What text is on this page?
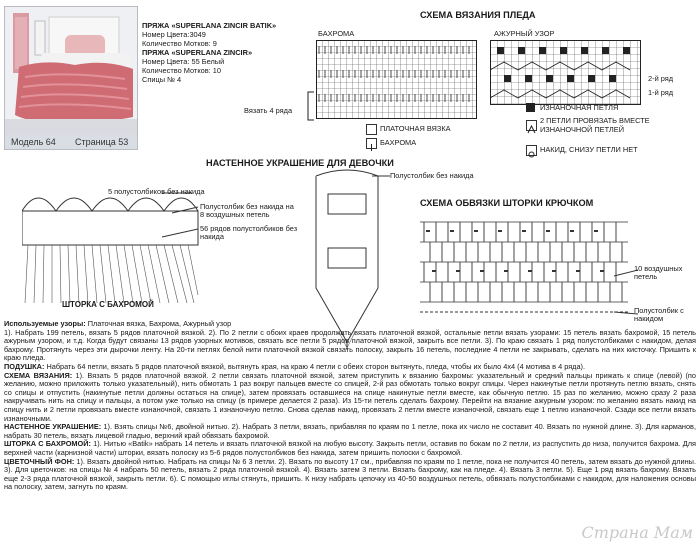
Модель 64 Страница 53
ПРЯЖА «SUPERLANA ZINCIR BATIK»
Номер Цвета:3049
Количество Мотков: 9
ПРЯЖА «SUPERLANA ZINCIR»
Номер Цвета: 55 Белый
Количество Мотков: 10
Спицы № 4
СХЕМА ВЯЗАНИЯ ПЛЕДА
БАХРОМА	АЖУРНЫЙ УЗОР
Вязать 4 ряда
2-й ряд
1-й ряд
ПЛАТОЧНАЯ ВЯЗКА
БАХРОМА
ИЗНАНОЧНАЯ ПЕТЛЯ
2 ПЕТЛИ ПРОВЯЗАТЬ ВМЕСТЕ
ИЗНАНОЧНОЙ ПЕТЛЕЙ
НАКИД, СНИЗУ ПЕТЛИ НЕТ
НАСТЕННОЕ УКРАШЕНИЕ ДЛЯ ДЕВОЧКИ
Полустолбик без накида
5 полустолбиков без накида
Полустолбик без накида на
8 воздушных петель
56 рядов полустолбиков без
накида
ШТОРКА С БАХРОМОЙ
СХЕМА ОБВЯЗКИ ШТОРКИ КРЮЧКОМ
10 воздушных
петель
Полустолбик с
накидом

Используемые узоры: Платочная вязка, Бахрома, Ажурный узор

1). Набрать 199 петель, вязать 5 рядов платочной вязкой. 2). По 2 петли с обоих краев продолжать вязать платочной вязкой, остальные петли вязать узорами: 15 петель вязать бахромой, 15 петель ажурным узором, и т.д. Когда будут связаны 13 рядов узорных мотивов, связать все петли 5 рядов платочной вязкой, закрыть все петли. 3). По краю связать 1 ряд полустолбиками с накидом, делая бахрому. Протянуть через эти дырочки ленту. На 20-ти петлях белой нити платочной вязкой связать полоску, закрыть 16 петель, последние 4 петли не закрывать, сделать на них кисточку. Пришить к краю пледа.

ПОДУШКА: Набрать 64 петли, вязать 5 рядов платочной вязкой, вытянуть края, на краю 4 петли с обеих сторон вытянуть, пледа, чтобы их было 4х4 (4 мотива в 4 ряда).

СХЕМА ВЯЗАНИЯ: 1). Вязать 5 рядов платочной вязкой. 2 петли связать платочной вязкой, затем приступить к вязанию бахромы: указательный и средний пальцы прижать к спице (левой) (по желанию, можно приложить только указательный), нить обмотать 1 раз вокруг пальцев вместе со спицей, 2-й раз обмотать только вокруг спицы. Через накинутые петли протянуть петлю вязать, снять со спицы и отпустить (накинутые петли должны остаться на спице), затем провязать оставшиеся на спице накинутые петли вместе, как обычную петлю. 15 раз по желанию, можно сразу 2 раза накручивать нить на спицу и пальцы, а потом уже только на спицу (в примере делается 2 раза). Из 15-ти петель сделать бахрому. Перейти на вязание ажурным узором: по желанию вязать накид на спицу нить и 2 петли провязать вместе изнаночной, связать 1 изнаночную петлю. Снова сделав накид, провязать 2 петли вместе изнаночной, связать еще 1 петлю изнаночной. Сзади все петли вязать изнаночными.

НАСТЕННОЕ УКРАШЕНИЕ: 1). Взять спицы №6, двойной нитью. 2). Набрать 3 петли, вязать, прибавляя по краям по 1 петле, пока их число не составит 40. Вязать по нужной длине. 3). Для карманов, набрать 30 петель, вязать лицевой гладью, верхний край обвязать бахромой.

ШТОРКА С БАХРОМОЙ: 1). Нитью «Batik» набрать 14 петель и вязать платочной вязкой на любую высоту. Закрыть петли, оставив по бокам по 2 петли, из распустить до низа, получится бахрома. Для верхней части (карнизной части) шторки, вязать полоску из 5-6 рядов полустолбиков без накида, затем пришить полоски с бахромой.

ЦВЕТОЧНЫЙ ФОН: 1). Вязать двойной нитью. Набрать на спицы № 6 3 петли. 2). Вязать по высоту 17 см., прибавляя по краям по 1 петле, пока не получится 40 петель, затем вязать до нужной длины. 3). Для цветочков: на спицы № 4 набрать 50 петель, вязать 2 ряда платочной вязкой. 4). Вязать затем 3 петли. Вязать бахрому, как на пледе. 4). Вязать 3 петли. 5). Еще 1 ряд вязать бахрому. Вязать еще 2-3 ряда платочной вязкой, закрыть петли. 6). С помощью иглы стянуть, пришить. К низу набрать цепочку из 40-50 воздушных петель, обвязать полустолбиками с накидом, для наложения основы на полоску, затем, загнуть по краям.

Страна Мам
